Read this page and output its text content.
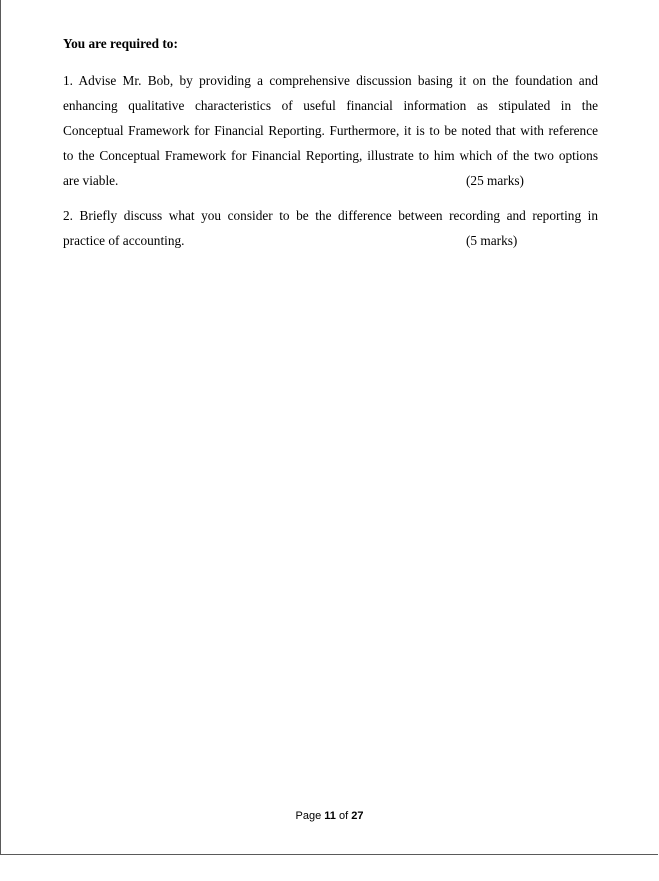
You are required to:
1. Advise Mr. Bob, by providing a comprehensive discussion basing it on the foundation and
enhancing qualitative characteristics of useful financial information as stipulated in the
Conceptual Framework for Financial Reporting. Furthermore, it is to be noted that with reference
to the Conceptual Framework for Financial Reporting, illustrate to him which of the two options
are viable.	(25 marks)
2. Briefly discuss what you consider to be the difference between recording and reporting in
practice of accounting.	(5 marks)
Page 11 of 27
